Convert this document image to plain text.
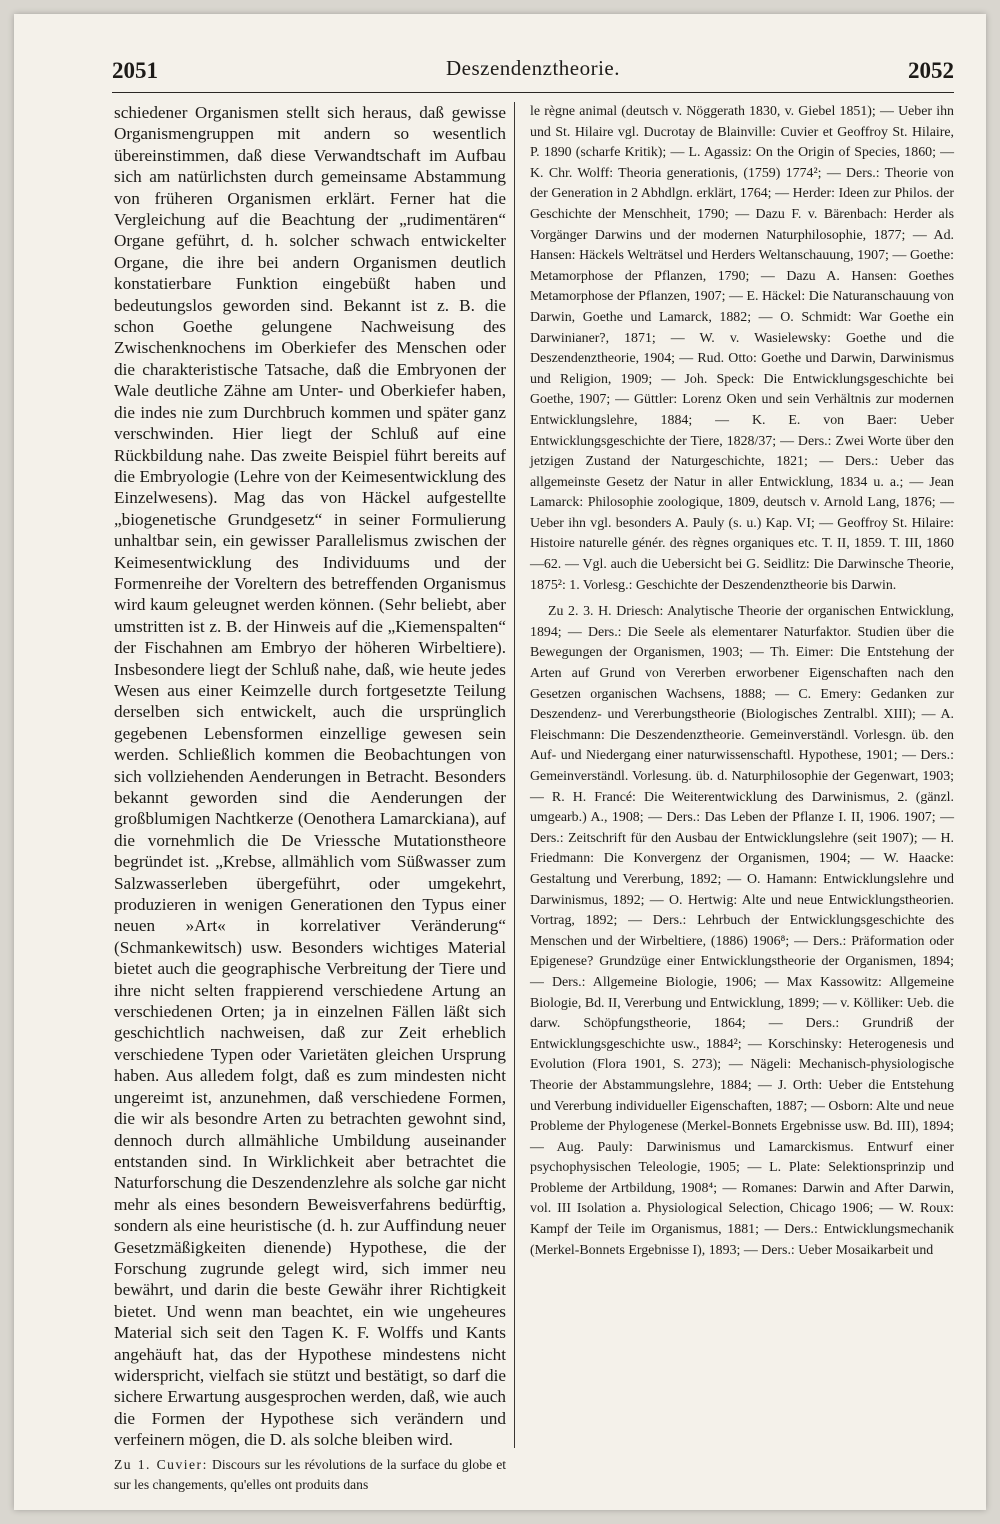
2051	Deszendenztheorie.	2052

schiedener Organismen stellt sich heraus, daß gewisse Organismengruppen mit andern so wesentlich übereinstimmen, daß diese Verwandtschaft im Aufbau sich am natürlichsten durch gemeinsame Abstammung von früheren Organismen erklärt. Ferner hat die Vergleichung auf die Beachtung der „rudimentären“ Organe geführt, d. h. solcher schwach entwickelter Organe, die ihre bei andern Organismen deutlich konstatierbare Funktion eingebüßt haben und bedeutungslos geworden sind. Bekannt ist z. B. die schon Goethe gelungene Nachweisung des Zwischenknochens im Oberkiefer des Menschen oder die charakteristische Tatsache, daß die Embryonen der Wale deutliche Zähne am Unter- und Oberkiefer haben, die indes nie zum Durchbruch kommen und später ganz verschwinden. Hier liegt der Schluß auf eine Rückbildung nahe. Das zweite Beispiel führt bereits auf die Embryologie (Lehre von der Keimesentwicklung des Einzelwesens). Mag das von Häckel aufgestellte „biogenetische Grundgesetz“ in seiner Formulierung unhaltbar sein, ein gewisser Parallelismus zwischen der Keimesentwicklung des Individuums und der Formenreihe der Voreltern des betreffenden Organismus wird kaum geleugnet werden können. (Sehr beliebt, aber umstritten ist z. B. der Hinweis auf die „Kiemenspalten“ der Fischahnen am Embryo der höheren Wirbeltiere). Insbesondere liegt der Schluß nahe, daß, wie heute jedes Wesen aus einer Keimzelle durch fortgesetzte Teilung derselben sich entwickelt, auch die ursprünglich gegebenen Lebensformen einzellige gewesen sein werden. Schließlich kommen die Beobachtungen von sich vollziehenden Aenderungen in Betracht. Besonders bekannt geworden sind die Aenderungen der großblumigen Nachtkerze (Oenothera Lamarckiana), auf die vornehmlich die De Vriessche Mutationstheore begründet ist. „Krebse, allmählich vom Süßwasser zum Salzwasserleben übergeführt, oder umgekehrt, produzieren in wenigen Generationen den Typus einer neuen »Art« in korrelativer Veränderung“ (Schmankewitsch) usw. Besonders wichtiges Material bietet auch die geographische Verbreitung der Tiere und ihre nicht selten frappierend verschiedene Artung an verschiedenen Orten; ja in einzelnen Fällen läßt sich geschichtlich nachweisen, daß zur Zeit erheblich verschiedene Typen oder Varietäten gleichen Ursprung haben. Aus alledem folgt, daß es zum mindesten nicht ungereimt ist, anzunehmen, daß verschiedene Formen, die wir als besondre Arten zu betrachten gewohnt sind, dennoch durch allmähliche Umbildung auseinander entstanden sind. In Wirklichkeit aber betrachtet die Naturforschung die Deszendenzlehre als solche gar nicht mehr als eines besondern Beweisverfahrens bedürftig, sondern als eine heuristische (d. h. zur Auffindung neuer Gesetzmäßigkeiten dienende) Hypothese, die der Forschung zugrunde gelegt wird, sich immer neu bewährt, und darin die beste Gewähr ihrer Richtigkeit bietet. Und wenn man beachtet, ein wie ungeheures Material sich seit den Tagen K. F. Wolffs und Kants angehäuft hat, das der Hypothese mindestens nicht widerspricht, vielfach sie stützt und bestätigt, so darf die sichere Erwartung ausgesprochen werden, daß, wie auch die Formen der Hypothese sich verändern und verfeinern mögen, die D. als solche bleiben wird.

Zu 1. Cuvier: Discours sur les révolutions de la surface du globe et sur les changements, qu'elles ont produits dans

le règne animal (deutsch v. Nöggerath 1830, v. Giebel 1851); — Ueber ihn und St. Hilaire vgl. Ducrotay de Blainville: Cuvier et Geoffroy St. Hilaire, P. 1890 (scharfe Kritik); — L. Agassiz: On the Origin of Species, 1860; — K. Chr. Wolff: Theoria generationis, (1759) 1774²; — Ders.: Theorie von der Generation in 2 Abhdlgn. erklärt, 1764; — Herder: Ideen zur Philos. der Geschichte der Menschheit, 1790; — Dazu F. v. Bärenbach: Herder als Vorgänger Darwins und der modernen Naturphilosophie, 1877; — Ad. Hansen: Häckels Welträtsel und Herders Weltanschauung, 1907; — Goethe: Metamorphose der Pflanzen, 1790; — Dazu A. Hansen: Goethes Metamorphose der Pflanzen, 1907; — E. Häckel: Die Naturanschauung von Darwin, Goethe und Lamarck, 1882; — O. Schmidt: War Goethe ein Darwinianer?, 1871; — W. v. Wasielewsky: Goethe und die Deszendenztheorie, 1904; — Rud. Otto: Goethe und Darwin, Darwinismus und Religion, 1909; — Joh. Speck: Die Entwicklungsgeschichte bei Goethe, 1907; — Güttler: Lorenz Oken und sein Verhältnis zur modernen Entwicklungslehre, 1884; — K. E. von Baer: Ueber Entwicklungsgeschichte der Tiere, 1828/37; — Ders.: Zwei Worte über den jetzigen Zustand der Naturgeschichte, 1821; — Ders.: Ueber das allgemeinste Gesetz der Natur in aller Entwicklung, 1834 u. a.; — Jean Lamarck: Philosophie zoologique, 1809, deutsch v. Arnold Lang, 1876; — Ueber ihn vgl. besonders A. Pauly (s. u.) Kap. VI; — Geoffroy St. Hilaire: Histoire naturelle génér. des règnes organiques etc. T. II, 1859. T. III, 1860—62. — Vgl. auch die Uebersicht bei G. Seidlitz: Die Darwinsche Theorie, 1875²: 1. Vorlesg.: Geschichte der Deszendenztheorie bis Darwin.

Zu 2. 3. H. Driesch: Analytische Theorie der organischen Entwicklung, 1894; — Ders.: Die Seele als elementarer Naturfaktor. Studien über die Bewegungen der Organismen, 1903; — Th. Eimer: Die Entstehung der Arten auf Grund von Vererben erworbener Eigenschaften nach den Gesetzen organischen Wachsens, 1888; — C. Emery: Gedanken zur Deszendenz- und Vererbungstheorie (Biologisches Zentralbl. XIII); — A. Fleischmann: Die Deszendenztheorie. Gemeinverständl. Vorlesgn. üb. den Auf- und Niedergang einer naturwissenschaftl. Hypothese, 1901; — Ders.: Gemeinverständl. Vorlesung. üb. d. Naturphilosophie der Gegenwart, 1903; — R. H. Francé: Die Weiterentwicklung des Darwinismus, 2. (gänzl. umgearb.) A., 1908; — Ders.: Das Leben der Pflanze I. II, 1906. 1907; — Ders.: Zeitschrift für den Ausbau der Entwicklungslehre (seit 1907); — H. Friedmann: Die Konvergenz der Organismen, 1904; — W. Haacke: Gestaltung und Vererbung, 1892; — O. Hamann: Entwicklungslehre und Darwinismus, 1892; — O. Hertwig: Alte und neue Entwicklungstheorien. Vortrag, 1892; — Ders.: Lehrbuch der Entwicklungsgeschichte des Menschen und der Wirbeltiere, (1886) 1906⁸; — Ders.: Präformation oder Epigenese? Grundzüge einer Entwicklungstheorie der Organismen, 1894; — Ders.: Allgemeine Biologie, 1906; — Max Kassowitz: Allgemeine Biologie, Bd. II, Vererbung und Entwicklung, 1899; — v. Kölliker: Ueb. die darw. Schöpfungstheorie, 1864; — Ders.: Grundriß der Entwicklungsgeschichte usw., 1884²; — Korschinsky: Heterogenesis und Evolution (Flora 1901, S. 273); — Nägeli: Mechanisch-physiologische Theorie der Abstammungslehre, 1884; — J. Orth: Ueber die Entstehung und Vererbung individueller Eigenschaften, 1887; — Osborn: Alte und neue Probleme der Phylogenese (Merkel-Bonnets Ergebnisse usw. Bd. III), 1894; — Aug. Pauly: Darwinismus und Lamarckismus. Entwurf einer psychophysischen Teleologie, 1905; — L. Plate: Selektionsprinzip und Probleme der Artbildung, 1908⁴; — Romanes: Darwin and After Darwin, vol. III Isolation a. Physiological Selection, Chicago 1906; — W. Roux: Kampf der Teile im Organismus, 1881; — Ders.: Entwicklungsmechanik (Merkel-Bonnets Ergebnisse I), 1893; — Ders.: Ueber Mosaikarbeit und
